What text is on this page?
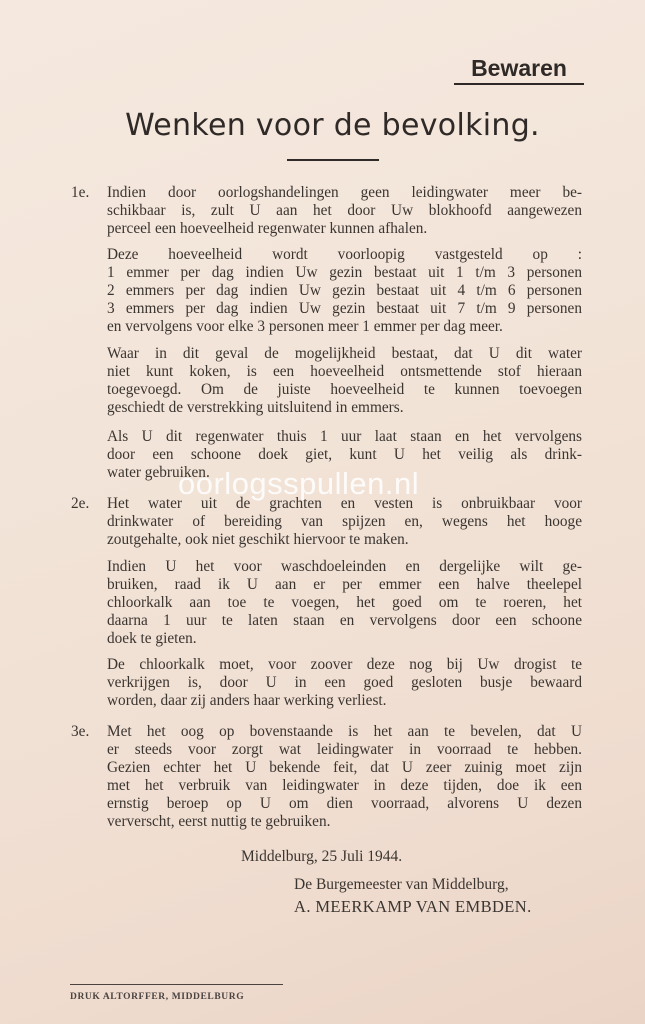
Bewaren
Wenken voor de bevolking.
1e. Indien door oorlogshandelingen geen leidingwater meer be-
schikbaar is, zult U aan het door Uw blokhoofd aangewezen
perceel een hoeveelheid regenwater kunnen afhalen.
Deze hoeveelheid wordt voorloopig vastgesteld op :
1 emmer per dag indien Uw gezin bestaat uit 1 t/m 3 personen
2 emmers per dag indien Uw gezin bestaat uit 4 t/m 6 personen
3 emmers per dag indien Uw gezin bestaat uit 7 t/m 9 personen
en vervolgens voor elke 3 personen meer 1 emmer per dag meer.
Waar in dit geval de mogelijkheid bestaat, dat U dit water
niet kunt koken, is een hoeveelheid ontsmettende stof hieraan
toegevoegd. Om de juiste hoeveelheid te kunnen toevoegen
geschiedt de verstrekking uitsluitend in emmers.
Als U dit regenwater thuis 1 uur laat staan en het vervolgens
door een schoone doek giet, kunt U het veilig als drink-
water gebruiken.
2e. Het water uit de grachten en vesten is onbruikbaar voor
drinkwater of bereiding van spijzen en, wegens het hooge
zoutgehalte, ook niet geschikt hiervoor te maken.
Indien U het voor waschdoeleinden en dergelijke wilt ge-
bruiken, raad ik U aan er per emmer een halve theelepel
chloorkalk aan toe te voegen, het goed om te roeren, het
daarna 1 uur te laten staan en vervolgens door een schoone
doek te gieten.
De chloorkalk moet, voor zoover deze nog bij Uw drogist te
verkrijgen is, door U in een goed gesloten busje bewaard
worden, daar zij anders haar werking verliest.
3e. Met het oog op bovenstaande is het aan te bevelen, dat U
er steeds voor zorgt wat leidingwater in voorraad te hebben.
Gezien echter het U bekende feit, dat U zeer zuinig moet zijn
met het verbruik van leidingwater in deze tijden, doe ik een
ernstig beroep op U om dien voorraad, alvorens U dezen
ververscht, eerst nuttig te gebruiken.
oorlogsspullen.nl
Middelburg, 25 Juli 1944.
De Burgemeester van Middelburg,
A. MEERKAMP VAN EMBDEN.
DRUK ALTORFFER, MIDDELBURG
